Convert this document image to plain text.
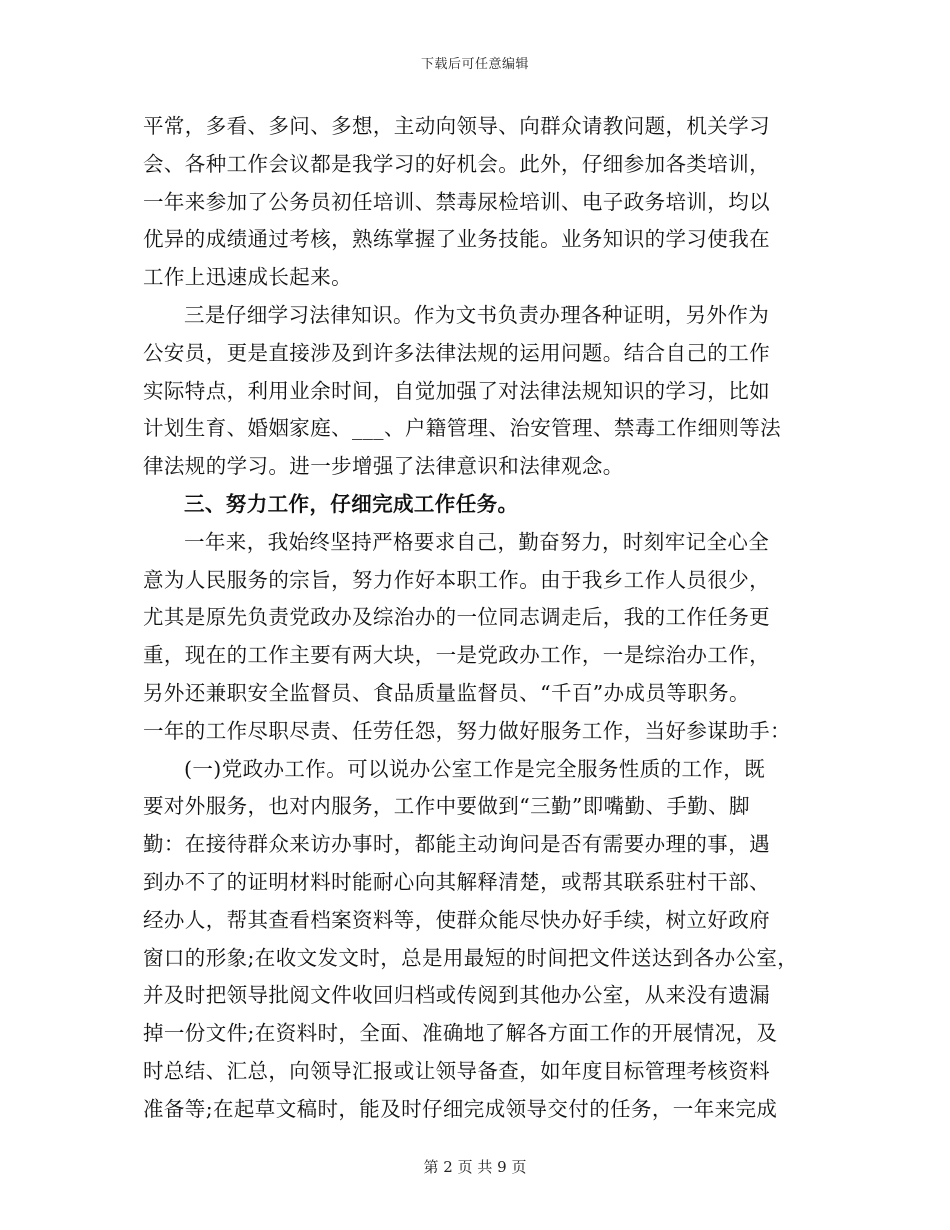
下载后可任意编辑
平常，多看、多问、多想，主动向领导、向群众请教问题，机关学习
会、各种工作会议都是我学习的好机会。此外，仔细参加各类培训，
一年来参加了公务员初任培训、禁毒尿检培训、电子政务培训，均以
优异的成绩通过考核，熟练掌握了业务技能。业务知识的学习使我在
工作上迅速成长起来。
三是仔细学习法律知识。作为文书负责办理各种证明，另外作为
公安员，更是直接涉及到许多法律法规的运用问题。结合自己的工作
实际特点，利用业余时间，自觉加强了对法律法规知识的学习，比如
计划生育、婚姻家庭、___、户籍管理、治安管理、禁毒工作细则等法
律法规的学习。进一步增强了法律意识和法律观念。
三、努力工作，仔细完成工作任务。
一年来，我始终坚持严格要求自己，勤奋努力，时刻牢记全心全
意为人民服务的宗旨，努力作好本职工作。由于我乡工作人员很少，
尤其是原先负责党政办及综治办的一位同志调走后，我的工作任务更
重，现在的工作主要有两大块，一是党政办工作，一是综治办工作，
另外还兼职安全监督员、食品质量监督员、“千百”办成员等职务。
一年的工作尽职尽责、任劳任怨，努力做好服务工作，当好参谋助手：
(一)党政办工作。可以说办公室工作是完全服务性质的工作，既
要对外服务，也对内服务，工作中要做到“三勤”即嘴勤、手勤、脚
勤：在接待群众来访办事时，都能主动询问是否有需要办理的事，遇
到办不了的证明材料时能耐心向其解释清楚，或帮其联系驻村干部、
经办人，帮其查看档案资料等，使群众能尽快办好手续，树立好政府
窗口的形象;在收文发文时，总是用最短的时间把文件送达到各办公室，
并及时把领导批阅文件收回归档或传阅到其他办公室，从来没有遗漏
掉一份文件;在资料时，全面、准确地了解各方面工作的开展情况，及
时总结、汇总，向领导汇报或让领导备查，如年度目标管理考核资料
准备等;在起草文稿时，能及时仔细完成领导交付的任务，一年来完成
第 2 页 共 9 页
